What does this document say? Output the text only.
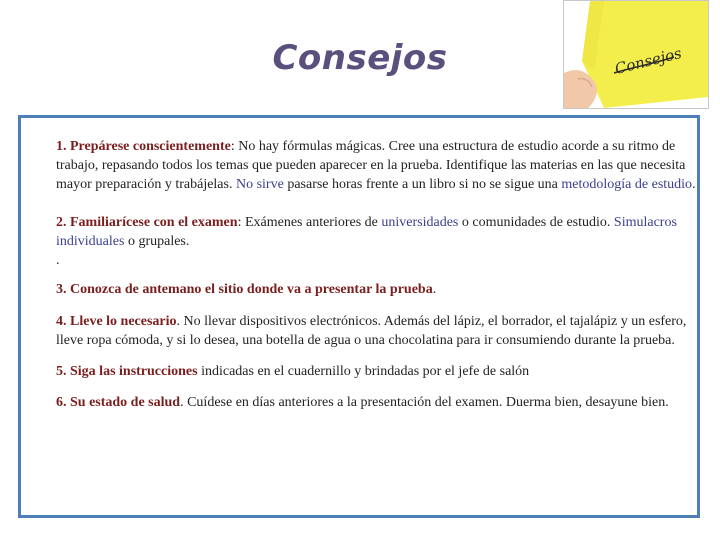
Consejos	Consejos

1. Prepárese conscientemente: No hay fórmulas mágicas. Cree una estructura de estudio acorde a su ritmo de trabajo, repasando todos los temas que pueden aparecer en la prueba. Identifique las materias en las que necesita mayor preparación y trabájelas. No sirve pasarse horas frente a un libro si no se sigue una metodología de estudio.

2. Familiarícese con el examen: Exámenes anteriores de universidades o comunidades de estudio. Simulacros individuales o grupales.

.

3. Conozca de antemano el sitio donde va a presentar la prueba.

4. Lleve lo necesario. No llevar dispositivos electrónicos. Además del lápiz, el borrador, el tajalápiz y un esfero, lleve ropa cómoda, y si lo desea, una botella de agua o una chocolatina para ir consumiendo durante la prueba.

5. Siga las instrucciones indicadas en el cuadernillo y brindadas por el jefe de salón

6. Su estado de salud. Cuídese en días anteriores a la presentación del examen. Duerma bien, desayune bien.
